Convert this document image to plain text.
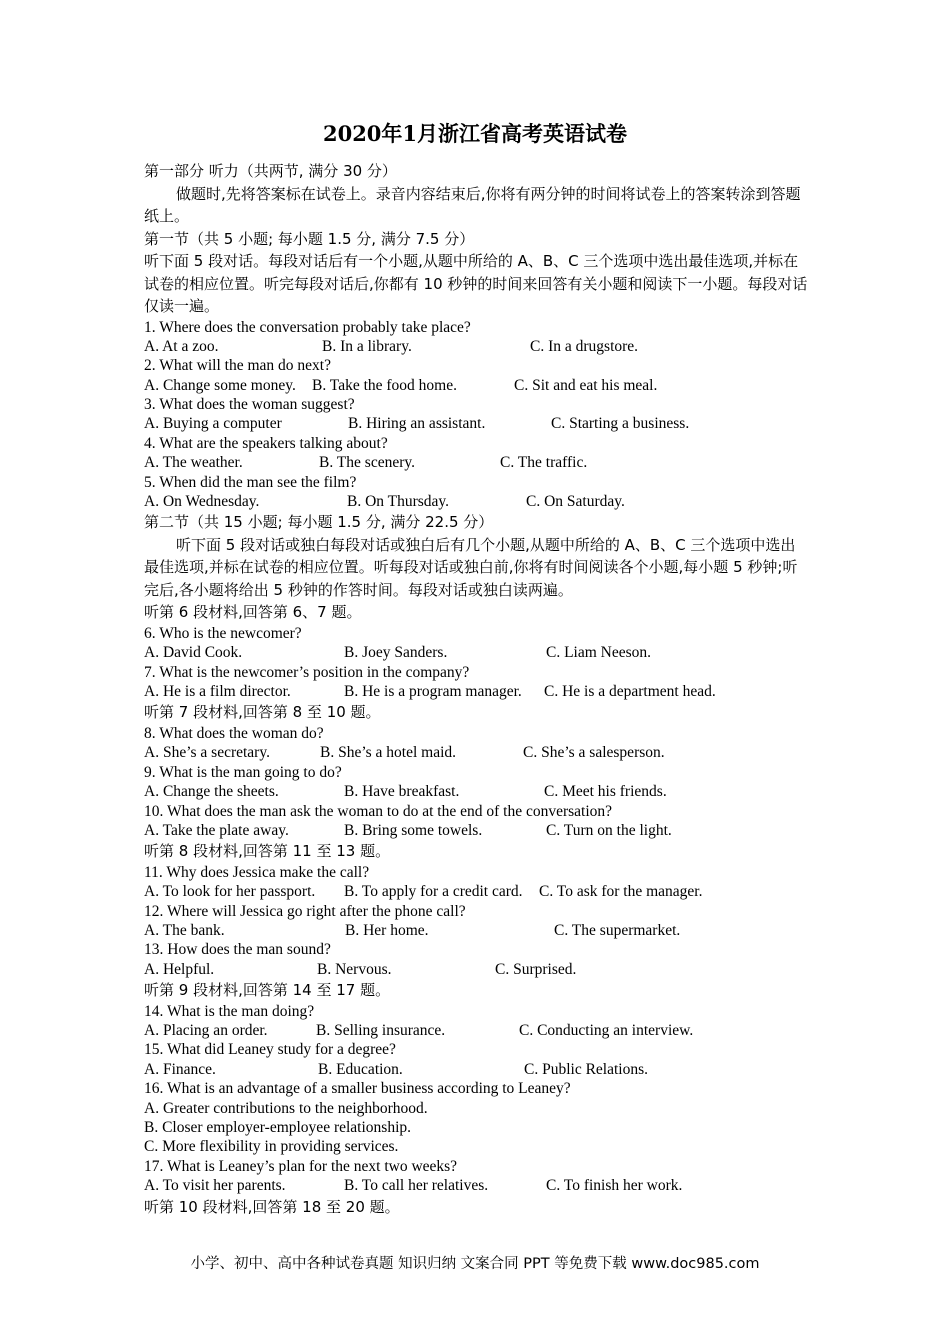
2020年1月浙江省高考英语试卷
第一部分 听力（共两节, 满分 30 分）
做题时,先将答案标在试卷上。录音内容结束后,你将有两分钟的时间将试卷上的答案转涂到答题纸上。
第一节（共 5 小题; 每小题 1.5 分, 满分 7.5 分）
听下面 5 段对话。每段对话后有一个小题,从题中所给的 A、B、C 三个选项中选出最佳选项,并标在试卷的相应位置。听完每段对话后,你都有 10 秒钟的时间来回答有关小题和阅读下一小题。每段对话仅读一遍。
1. Where does the conversation probably take place?
A. At a zoo.	B. In a library.	C. In a drugstore.
2. What will the man do next?
A. Change some money. B. Take the food home.	C. Sit and eat his meal.
3. What does the woman suggest?
A. Buying a computer	B. Hiring an assistant.	C. Starting a business.
4. What are the speakers talking about?
A. The weather.	B. The scenery.	C. The traffic.
5. When did the man see the film?
A. On Wednesday.	B. On Thursday.	C. On Saturday.
第二节（共 15 小题; 每小题 1.5 分, 满分 22.5 分）
听下面 5 段对话或独白每段对话或独白后有几个小题,从题中所给的 A、B、C 三个选项中选出最佳选项,并标在试卷的相应位置。听每段对话或独白前,你将有时间阅读各个小题,每小题 5 秒钟;听完后,各小题将给出 5 秒钟的作答时间。每段对话或独白读两遍。
听第 6 段材料,回答第 6、7 题。
6. Who is the newcomer?
A. David Cook.	B. Joey Sanders.	C. Liam Neeson.
7. What is the newcomer’s position in the company?
A. He is a film director.	B. He is a program manager. C. He is a department head.
听第 7 段材料,回答第 8 至 10 题。
8. What does the woman do?
A. She’s a secretary.	B. She’s a hotel maid.	C. She’s a salesperson.
9. What is the man going to do?
A. Change the sheets.	B. Have breakfast.	C. Meet his friends.
10. What does the man ask the woman to do at the end of the conversation?
A. Take the plate away.	B. Bring some towels.	C. Turn on the light.
听第 8 段材料,回答第 11 至 13 题。
11. Why does Jessica make the call?
A. To look for her passport. B. To apply for a credit card. C. To ask for the manager.
12. Where will Jessica go right after the phone call?
A. The bank.	B. Her home.	C. The supermarket.
13. How does the man sound?
A. Helpful.	B. Nervous.	C. Surprised.
听第 9 段材料,回答第 14 至 17 题。
14. What is the man doing?
A. Placing an order.	B. Selling insurance.	C. Conducting an interview.
15. What did Leaney study for a degree?
A. Finance.	B. Education.	C. Public Relations.
16. What is an advantage of a smaller business according to Leaney?
A. Greater contributions to the neighborhood.
B. Closer employer-employee relationship.
C. More flexibility in providing services.
17. What is Leaney’s plan for the next two weeks?
A. To visit her parents.	B. To call her relatives.	C. To finish her work.
听第 10 段材料,回答第 18 至 20 题。
小学、初中、高中各种试卷真题 知识归纳 文案合同 PPT 等免费下载 www.doc985.com
